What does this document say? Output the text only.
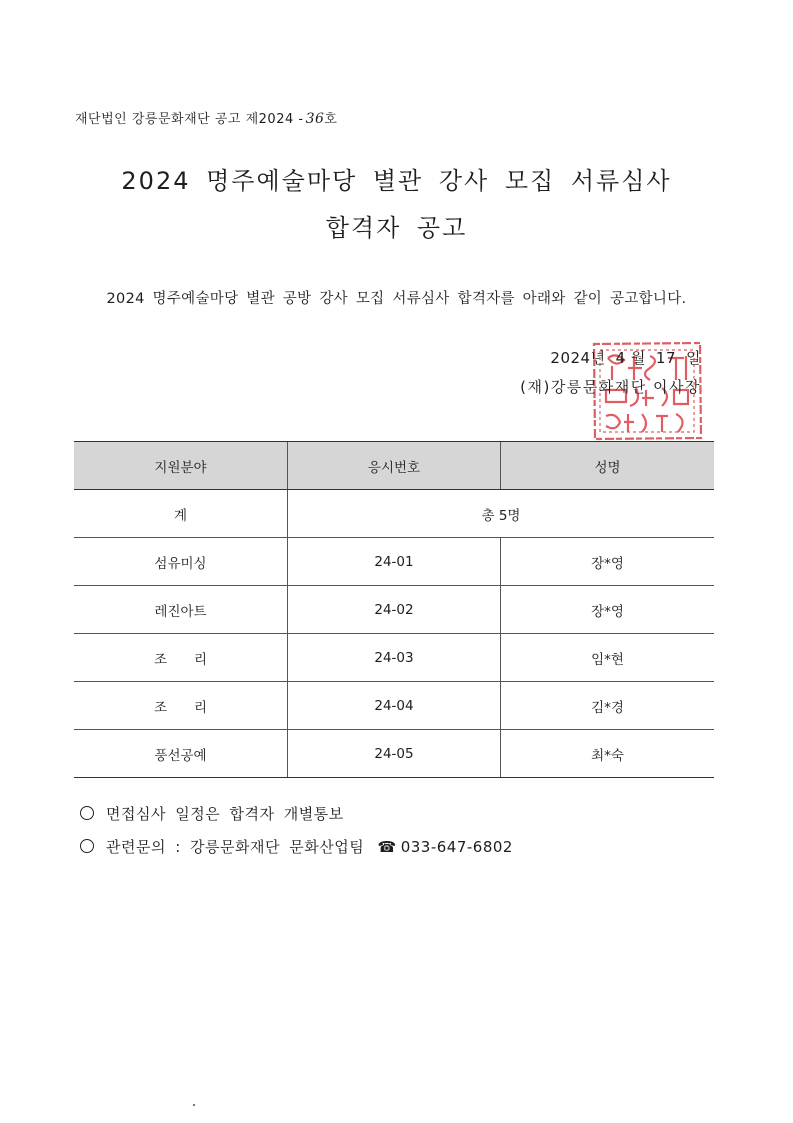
재단법인 강릉문화재단 공고 제2024 - 36호
2024 명주예술마당 별관 강사 모집 서류심사
합격자 공고
2024 명주예술마당 별관 공방 강사 모집 서류심사 합격자를 아래와 같이 공고합니다.
2024년 4 월 17 일
(재)강릉문화재단 이사장
지원분야	응시번호	성명
계	총 5명	
섬유미싱	24-01	장*영
레진아트	24-02	장*영
조　　리	24-03	임*현
조　　리	24-04	김*경
풍선공예	24-05	최*숙
면접심사 일정은 합격자 개별통보
관련문의 : 강릉문화재단 문화산업팀 ☎ 033-647-6802
